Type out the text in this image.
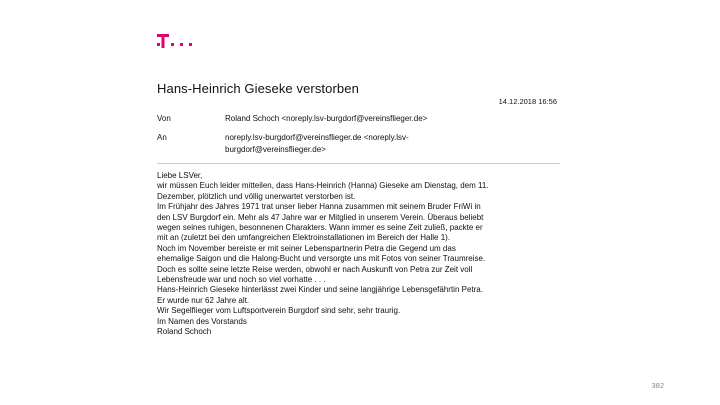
Hans-Heinrich Gieseke verstorben
14.12.2018 16:56
Von	Roland Schoch <noreply.lsv-burgdorf@vereinsflieger.de>
An	noreply.lsv-burgdorf@vereinsflieger.de <noreply.lsv-burgdorf@vereinsflieger.de>
Liebe LSVer,
wir müssen Euch leider mitteilen, dass Hans-Heinrich (Hanna) Gieseke am Dienstag, dem 11.
Dezember, plötzlich und völlig unerwartet verstorben ist.
Im Frühjahr des Jahres 1971 trat unser lieber Hanna zusammen mit seinem Bruder FriWi in
den LSV Burgdorf ein. Mehr als 47 Jahre war er Mitglied in unserem Verein. Überaus beliebt
wegen seines ruhigen, besonnenen Charakters. Wann immer es seine Zeit zuließ, packte er
mit an (zuletzt bei den umfangreichen Elektroinstallationen im Bereich der Halle 1).
Noch im November bereiste er mit seiner Lebenspartnerin Petra die Gegend um das
ehemalige Saigon und die Halong-Bucht und versorgte uns mit Fotos von seiner Traumreise.
Doch es sollte seine letzte Reise werden, obwohl er nach Auskunft von Petra zur Zeit voll
Lebensfreude war und noch so viel vorhatte . . .
Hans-Heinrich Gieseke hinterlässt zwei Kinder und seine langjährige Lebensgefährtin Petra.
Er wurde nur 62 Jahre alt.
Wir Segelflieger vom Luftsportverein Burgdorf sind sehr, sehr traurig.
Im Namen des Vorstands
Roland Schoch
382
